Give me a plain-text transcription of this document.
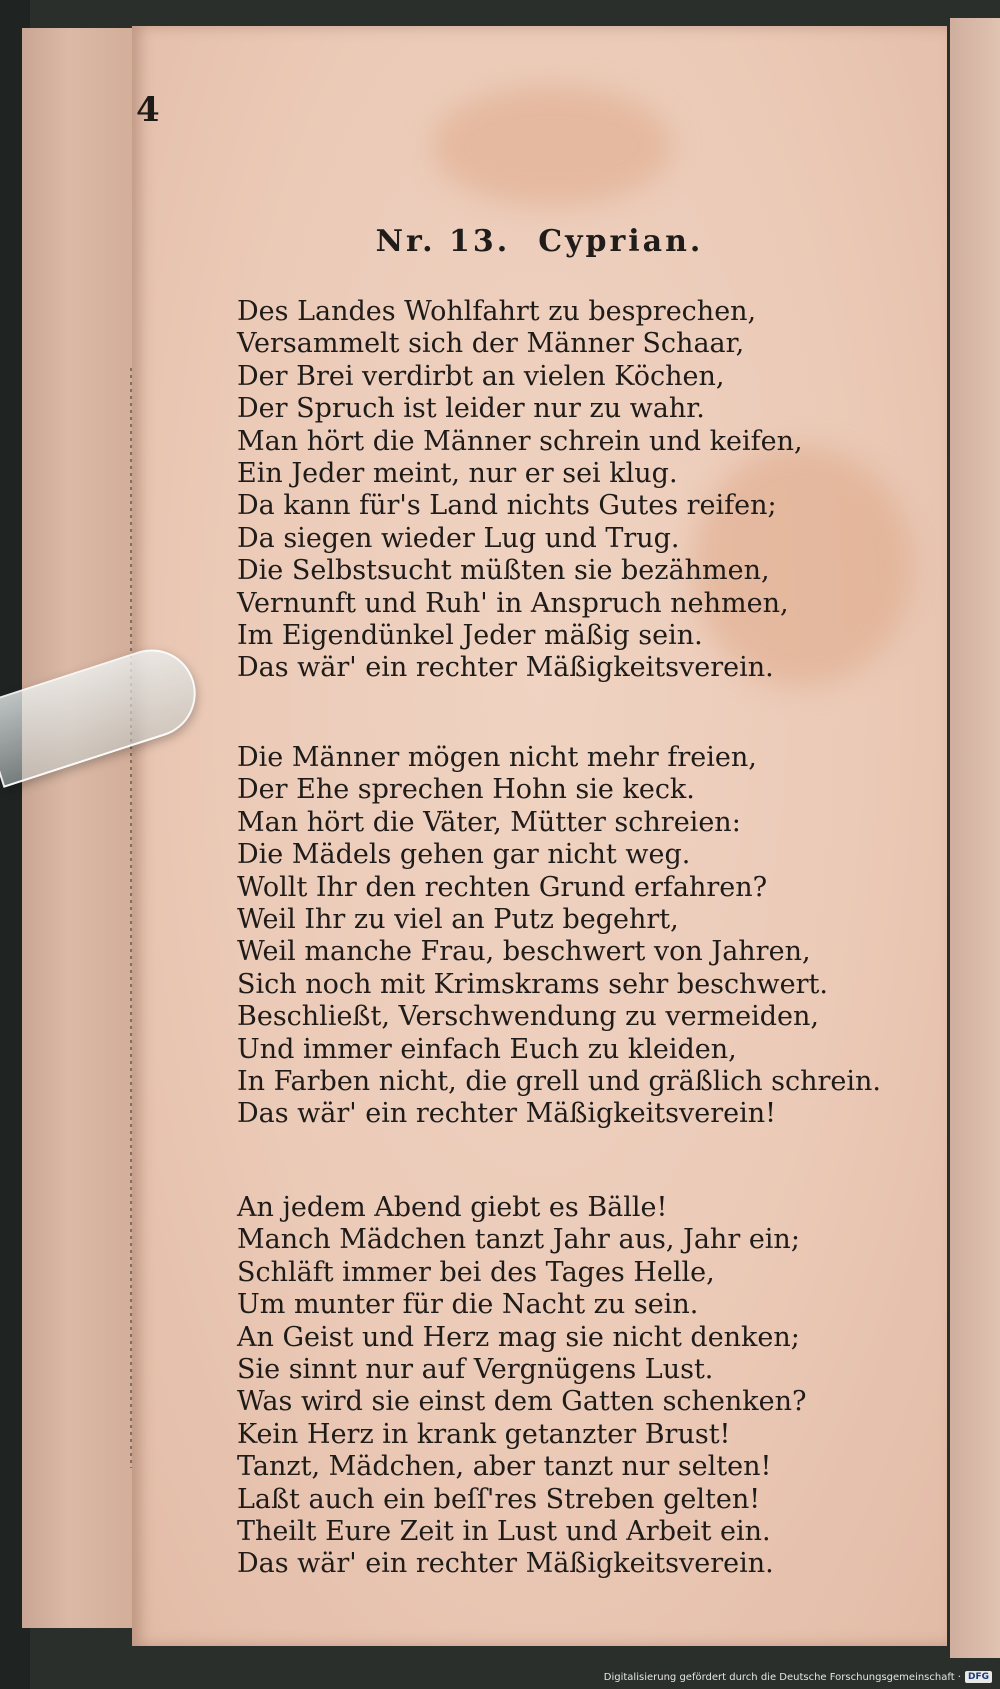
4
Nr. 13. Cyprian.
Des Landes Wohlfahrt zu besprechen,
Versammelt sich der Männer Schaar,
Der Brei verdirbt an vielen Köchen,
Der Spruch ist leider nur zu wahr.
Man hört die Männer schrein und keifen,
Ein Jeder meint, nur er sei klug.
Da kann für's Land nichts Gutes reifen;
Da siegen wieder Lug und Trug.
Die Selbstsucht müßten sie bezähmen,
Vernunft und Ruh' in Anspruch nehmen,
Im Eigendünkel Jeder mäßig sein.
Das wär' ein rechter Mäßigkeitsverein.
Die Männer mögen nicht mehr freien,
Der Ehe sprechen Hohn sie keck.
Man hört die Väter, Mütter schreien:
Die Mädels gehen gar nicht weg.
Wollt Ihr den rechten Grund erfahren?
Weil Ihr zu viel an Putz begehrt,
Weil manche Frau, beschwert von Jahren,
Sich noch mit Krimskrams sehr beschwert.
Beschließt, Verschwendung zu vermeiden,
Und immer einfach Euch zu kleiden,
In Farben nicht, die grell und gräßlich schrein.
Das wär' ein rechter Mäßigkeitsverein!
An jedem Abend giebt es Bälle!
Manch Mädchen tanzt Jahr aus, Jahr ein;
Schläft immer bei des Tages Helle,
Um munter für die Nacht zu sein.
An Geist und Herz mag sie nicht denken;
Sie sinnt nur auf Vergnügens Lust.
Was wird sie einst dem Gatten schenken?
Kein Herz in krank getanzter Brust!
Tanzt, Mädchen, aber tanzt nur selten!
Laßt auch ein beſſ'res Streben gelten!
Theilt Eure Zeit in Lust und Arbeit ein.
Das wär' ein rechter Mäßigkeitsverein.
Digitalisierung gefördert durch die Deutsche Forschungsgemeinschaft · DFG
